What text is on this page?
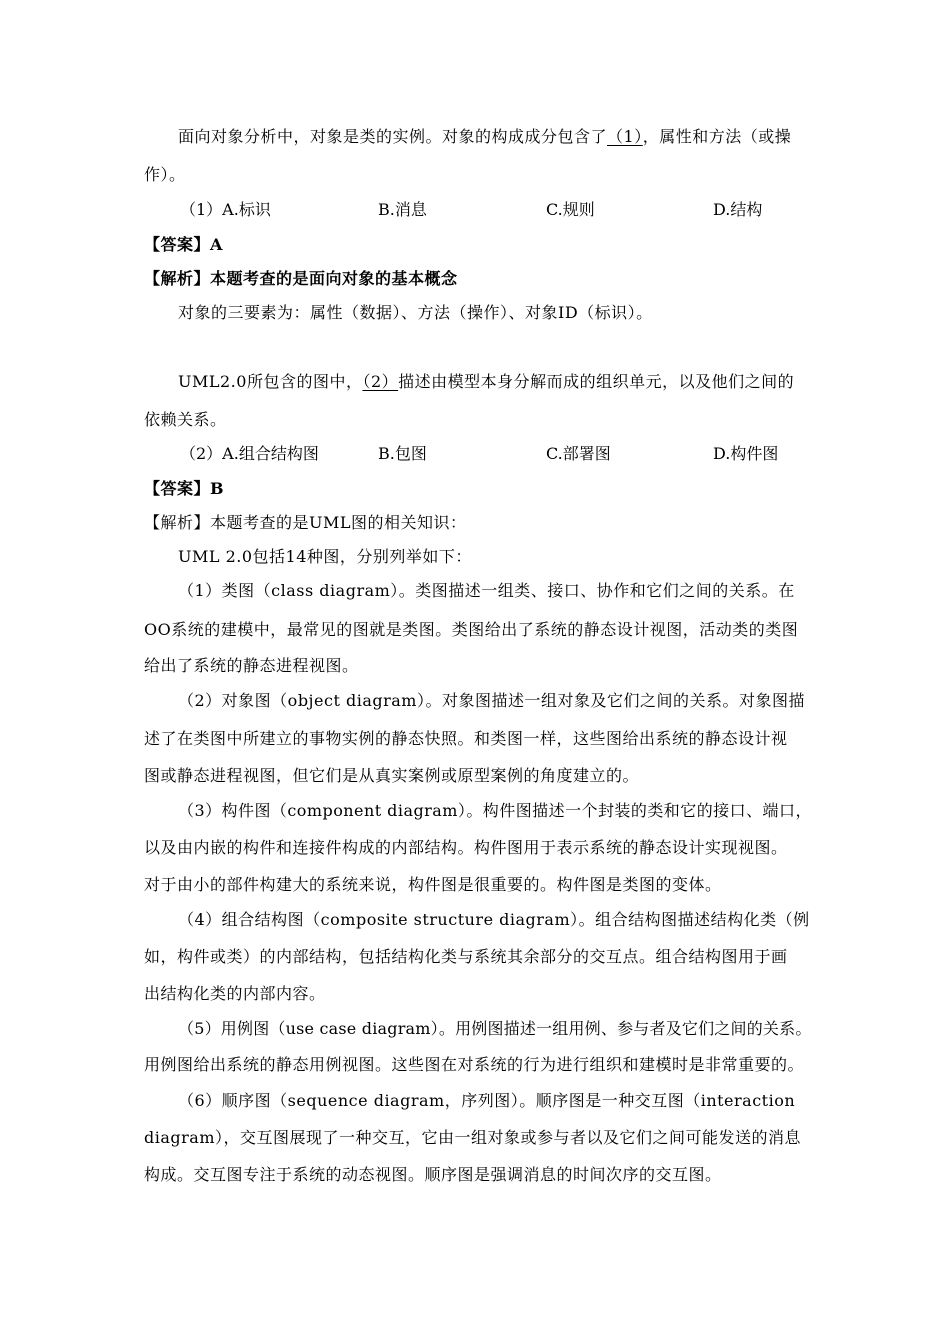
面向对象分析中，对象是类的实例。对象的构成成分包含了（1），属性和方法（或操
作）。
（1）A.标识	B.消息	C.规则	D.结构
【答案】A
【解析】本题考查的是面向对象的基本概念
对象的三要素为：属性（数据）、方法（操作）、对象ID（标识）。
UML2.0所包含的图中，（2）描述由模型本身分解而成的组织单元，以及他们之间的
依赖关系。
（2）A.组合结构图	B.包图	C.部署图	D.构件图
【答案】B
【解析】本题考查的是UML图的相关知识：
UML 2.0包括14种图，分别列举如下：
（1）类图（class diagram）。类图描述一组类、接口、协作和它们之间的关系。在
OO系统的建模中，最常见的图就是类图。类图给出了系统的静态设计视图，活动类的类图
给出了系统的静态进程视图。
（2）对象图（object diagram）。对象图描述一组对象及它们之间的关系。对象图描
述了在类图中所建立的事物实例的静态快照。和类图一样，这些图给出系统的静态设计视
图或静态进程视图，但它们是从真实案例或原型案例的角度建立的。
（3）构件图（component diagram）。构件图描述一个封装的类和它的接口、端口，
以及由内嵌的构件和连接件构成的内部结构。构件图用于表示系统的静态设计实现视图。
对于由小的部件构建大的系统来说，构件图是很重要的。构件图是类图的变体。
（4）组合结构图（composite structure diagram）。组合结构图描述结构化类（例
如，构件或类）的内部结构，包括结构化类与系统其余部分的交互点。组合结构图用于画
出结构化类的内部内容。
（5）用例图（use case diagram）。用例图描述一组用例、参与者及它们之间的关系。
用例图给出系统的静态用例视图。这些图在对系统的行为进行组织和建模时是非常重要的。
（6）顺序图（sequence diagram，序列图）。顺序图是一种交互图（interaction
diagram），交互图展现了一种交互，它由一组对象或参与者以及它们之间可能发送的消息
构成。交互图专注于系统的动态视图。顺序图是强调消息的时间次序的交互图。
